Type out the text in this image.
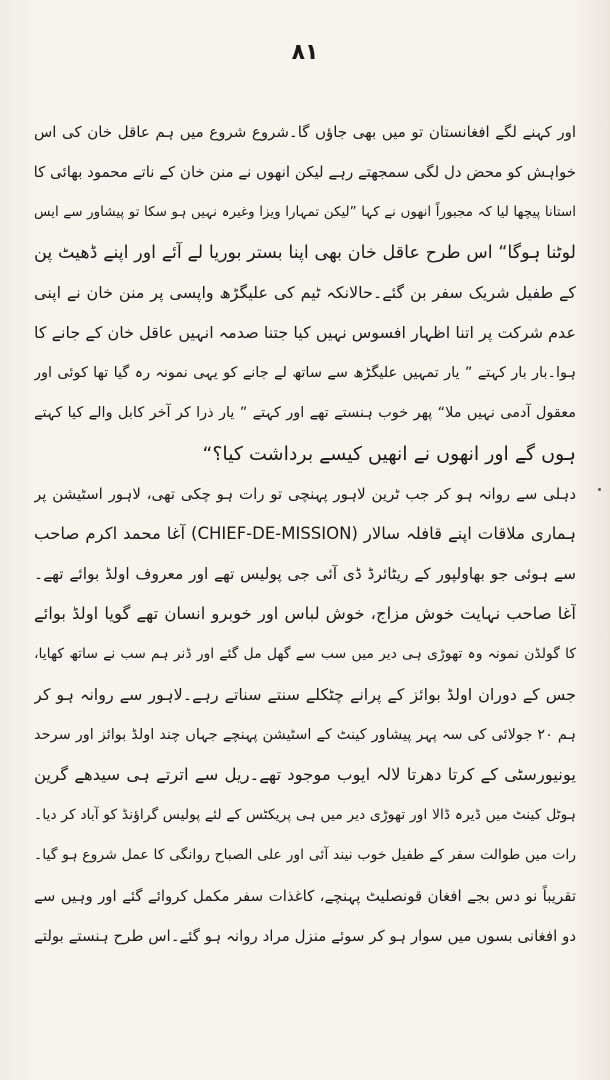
۸۱
اور کہنے لگے افغانستان تو میں بھی جاؤں گا۔شروع شروع میں ہم عاقل خان کی اس
خواہش کو محض دل لگی سمجھتے رہے لیکن انھوں نے منن خان کے ناتے محمود بھائی کا
استانا پیچھا لیا کہ مجبوراً انھوں نے کہا ”لیکن تمہارا ویزا وغیرہ نہیں ہو سکا تو پیشاور سے ایس
لوٹنا ہوگا“ اس طرح عاقل خان بھی اپنا بستر بوریا لے آئے اور اپنے ڈھیٹ پن
کے طفیل شریک سفر بن گئے۔حالانکہ ٹیم کی علیگڑھ واپسی پر منن خان نے اپنی
عدم شرکت پر اتنا اظہار افسوس نہیں کیا جتنا صدمہ انہیں عاقل خان کے جانے کا
ہوا۔بار بار کہتے ” یار تمہیں علیگڑھ سے ساتھ لے جانے کو یہی نمونہ رہ گیا تھا کوئی اور
معقول آدمی نہیں ملا“ پھر خوب ہنستے تھے اور کہتے ” یار ذرا کر آخر کابل والے کیا کہتے
ہوں گے اور انھوں نے انھیں کیسے برداشت کیا؟“
دہلی سے روانہ ہو کر جب ٹرین لاہور پہنچی تو رات ہو چکی تھی، لاہور اسٹیشن پر
ہماری ملاقات اپنے قافلہ سالار (CHIEF-DE-MISSION) آغا محمد اکرم صاحب
سے ہوئی جو بھاولپور کے ریٹائرڈ ڈی آئی جی پولیس تھے اور معروف اولڈ بوائے تھے۔
آغا صاحب نہایت خوش مزاج، خوش لباس اور خوبرو انسان تھے گویا اولڈ بوائے
کا گولڈن نمونہ وہ تھوڑی ہی دیر میں سب سے گھل مل گئے اور ڈنر ہم سب نے ساتھ کھایا،
جس کے دوران اولڈ بوائز کے پرانے چٹکلے سنتے سناتے رہے۔لاہور سے روانہ ہو کر
ہم ۲۰ جولائی کی سہ پہر پیشاور کینٹ کے اسٹیشن پہنچے جہاں چند اولڈ بوائز اور سرحد
یونیورسٹی کے کرتا دھرتا لالہ ایوب موجود تھے۔ریل سے اترتے ہی سیدھے گرین
ہوٹل کینٹ میں ڈیرہ ڈالا اور تھوڑی دیر میں ہی پریکٹس کے لئے پولیس گراؤنڈ کو آباد کر دیا۔
رات میں طوالت سفر کے طفیل خوب نیند آئی اور علی الصباح روانگی کا عمل شروع ہو گیا۔
تقریباً نو دس بجے افغان قونصلیٹ پہنچے، کاغذات سفر مکمل کروائے گئے اور وہیں سے
دو افغانی بسوں میں سوار ہو کر سوئے منزل مراد روانہ ہو گئے۔اس طرح ہنستے بولتے
